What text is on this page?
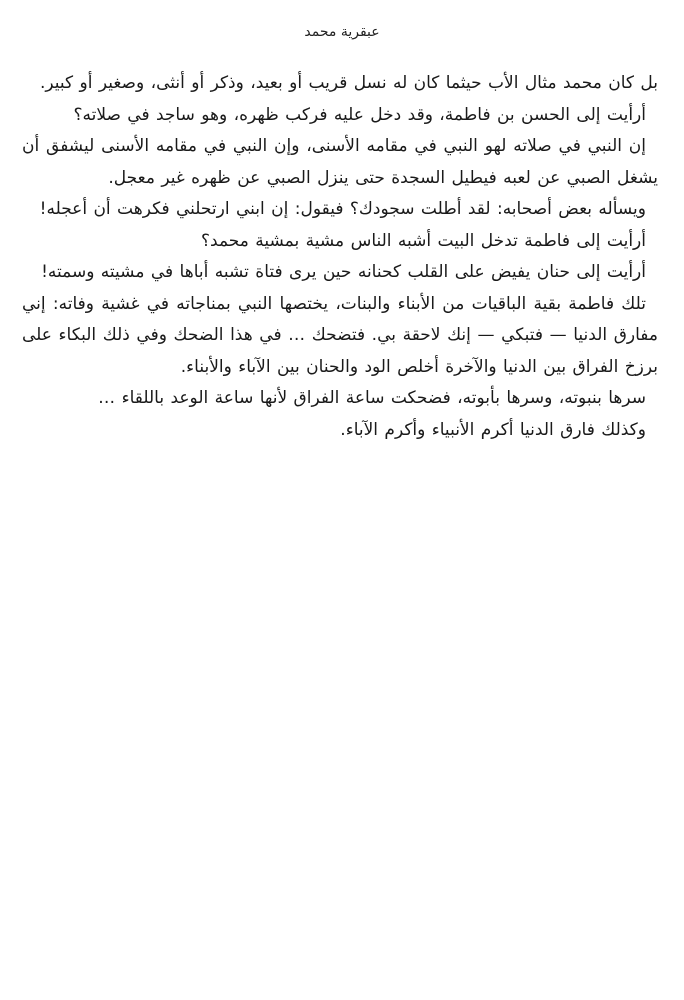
عبقرية محمد

بل كان محمد مثال الأب حيثما كان له نسل قريب أو بعيد، وذكر أو أنثى، وصغير أو كبير.

أرأيت إلى الحسن بن فاطمة، وقد دخل عليه فركب ظهره، وهو ساجد في صلاته؟

إن النبي في صلاته لهو النبي في مقامه الأسنى، وإن النبي في مقامه الأسنى ليشفق أن يشغل الصبي عن لعبه فيطيل السجدة حتى ينزل الصبي عن ظهره غير معجل.

ويسأله بعض أصحابه: لقد أطلت سجودك؟ فيقول: إن ابني ارتحلني فكرهت أن أعجله!

أرأيت إلى فاطمة تدخل البيت أشبه الناس مشية بمشية محمد؟

أرأيت إلى حنان يفيض على القلب كحنانه حين يرى فتاة تشبه أباها في مشيته وسمته!

تلك فاطمة بقية الباقيات من الأبناء والبنات، يختصها النبي بمناجاته في غشية وفاته: إني مفارق الدنيا — فتبكي — إنك لاحقة بي. فتضحك … في هذا الضحك وفي ذلك البكاء على برزخ الفراق بين الدنيا والآخرة أخلص الود والحنان بين الآباء والأبناء.

سرها بنبوته، وسرها بأبوته، فضحكت ساعة الفراق لأنها ساعة الوعد باللقاء …

وكذلك فارق الدنيا أكرم الأنبياء وأكرم الآباء.
